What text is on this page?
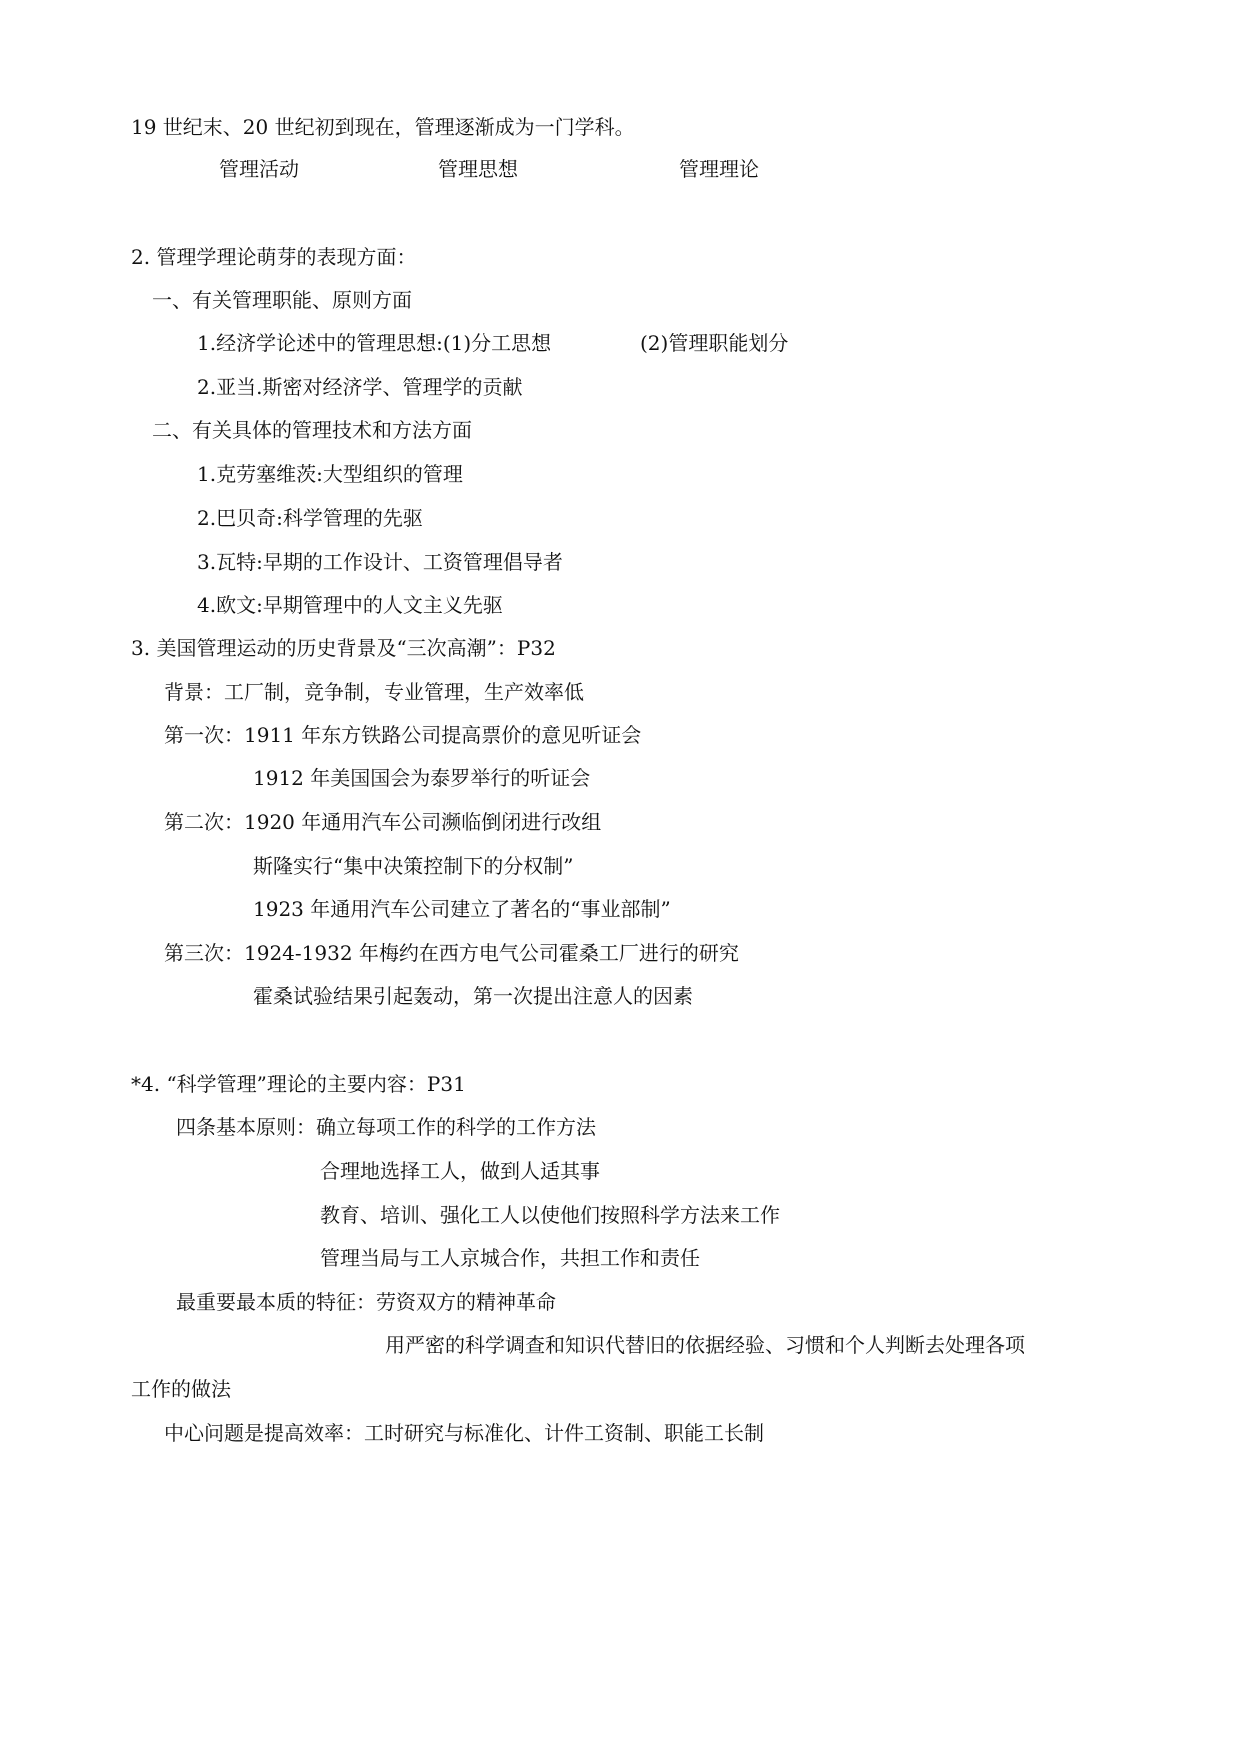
19 世纪末、20 世纪初到现在，管理逐渐成为一门学科。
管理活动	管理思想	管理理论
2. 管理学理论萌芽的表现方面：
一、有关管理职能、原则方面
1.经济学论述中的管理思想:(1)分工思想	(2)管理职能划分
2.亚当.斯密对经济学、管理学的贡献
二、有关具体的管理技术和方法方面
1.克劳塞维茨:大型组织的管理
2.巴贝奇:科学管理的先驱
3.瓦特:早期的工作设计、工资管理倡导者
4.欧文:早期管理中的人文主义先驱
3. 美国管理运动的历史背景及“三次高潮”：P32
背景：工厂制，竞争制，专业管理，生产效率低
第一次：1911 年东方铁路公司提高票价的意见听证会
1912 年美国国会为泰罗举行的听证会
第二次：1920 年通用汽车公司濒临倒闭进行改组
斯隆实行“集中决策控制下的分权制”
1923 年通用汽车公司建立了著名的“事业部制”
第三次：1924-1932 年梅约在西方电气公司霍桑工厂进行的研究
霍桑试验结果引起轰动，第一次提出注意人的因素
*4. “科学管理”理论的主要内容：P31
四条基本原则：确立每项工作的科学的工作方法
合理地选择工人，做到人适其事
教育、培训、强化工人以使他们按照科学方法来工作
管理当局与工人京城合作，共担工作和责任
最重要最本质的特征：劳资双方的精神革命
用严密的科学调查和知识代替旧的依据经验、习惯和个人判断去处理各项
工作的做法
中心问题是提高效率：工时研究与标准化、计件工资制、职能工长制
